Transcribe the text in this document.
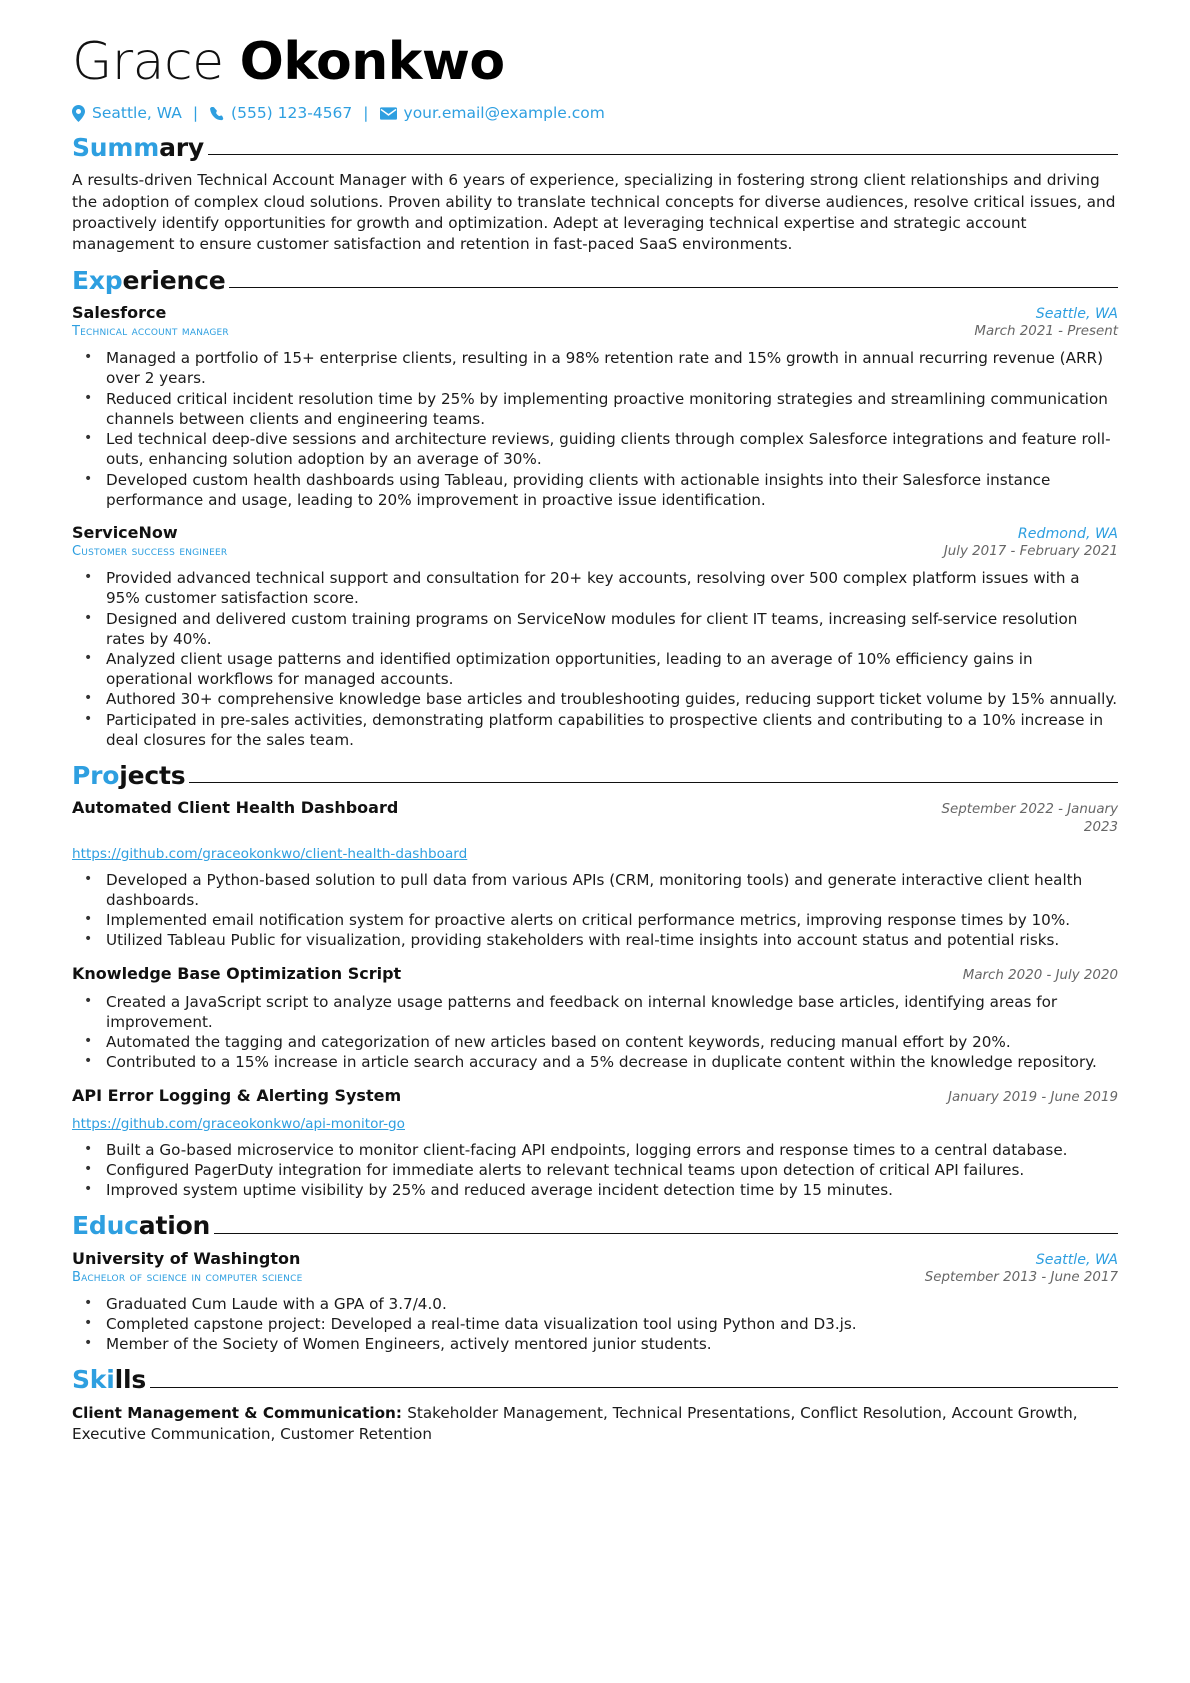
Grace Okonkwo
Seattle, WA | (555) 123-4567 | your.email@example.com
Summary

A results-driven Technical Account Manager with 6 years of experience, specializing in fostering strong client relationships and driving the adoption of complex cloud solutions. Proven ability to translate technical concepts for diverse audiences, resolve critical issues, and proactively identify opportunities for growth and optimization. Adept at leveraging technical expertise and strategic account management to ensure customer satisfaction and retention in fast-paced SaaS environments.

Experience
Salesforce	Seattle, WA
Technical account manager	March 2021 - Present
• Managed a portfolio of 15+ enterprise clients, resulting in a 98% retention rate and 15% growth in annual recurring revenue (ARR) over 2 years.
• Reduced critical incident resolution time by 25% by implementing proactive monitoring strategies and streamlining communication channels between clients and engineering teams.
• Led technical deep-dive sessions and architecture reviews, guiding clients through complex Salesforce integrations and feature roll-outs, enhancing solution adoption by an average of 30%.
• Developed custom health dashboards using Tableau, providing clients with actionable insights into their Salesforce instance performance and usage, leading to 20% improvement in proactive issue identification.
ServiceNow	Redmond, WA
Customer success engineer	July 2017 - February 2021
• Provided advanced technical support and consultation for 20+ key accounts, resolving over 500 complex platform issues with a 95% customer satisfaction score.
• Designed and delivered custom training programs on ServiceNow modules for client IT teams, increasing self-service resolution rates by 40%.
• Analyzed client usage patterns and identified optimization opportunities, leading to an average of 10% efficiency gains in operational workflows for managed accounts.
• Authored 30+ comprehensive knowledge base articles and troubleshooting guides, reducing support ticket volume by 15% annually.
• Participated in pre-sales activities, demonstrating platform capabilities to prospective clients and contributing to a 10% increase in deal closures for the sales team.
Projects
Automated Client Health Dashboard	September 2022 - January 2023
https://github.com/graceokonkwo/client-health-dashboard
• Developed a Python-based solution to pull data from various APIs (CRM, monitoring tools) and generate interactive client health dashboards.
• Implemented email notification system for proactive alerts on critical performance metrics, improving response times by 10%.
• Utilized Tableau Public for visualization, providing stakeholders with real-time insights into account status and potential risks.
Knowledge Base Optimization Script	March 2020 - July 2020
• Created a JavaScript script to analyze usage patterns and feedback on internal knowledge base articles, identifying areas for improvement.
• Automated the tagging and categorization of new articles based on content keywords, reducing manual effort by 20%.
• Contributed to a 15% increase in article search accuracy and a 5% decrease in duplicate content within the knowledge repository.
API Error Logging & Alerting System	January 2019 - June 2019
https://github.com/graceokonkwo/api-monitor-go
• Built a Go-based microservice to monitor client-facing API endpoints, logging errors and response times to a central database.
• Configured PagerDuty integration for immediate alerts to relevant technical teams upon detection of critical API failures.
• Improved system uptime visibility by 25% and reduced average incident detection time by 15 minutes.
Education
University of Washington	Seattle, WA
Bachelor of science in computer science	September 2013 - June 2017
• Graduated Cum Laude with a GPA of 3.7/4.0.
• Completed capstone project: Developed a real-time data visualization tool using Python and D3.js.
• Member of the Society of Women Engineers, actively mentored junior students.
Skills
Client Management & Communication: Stakeholder Management, Technical Presentations, Conflict Resolution, Account Growth, Executive Communication, Customer Retention
